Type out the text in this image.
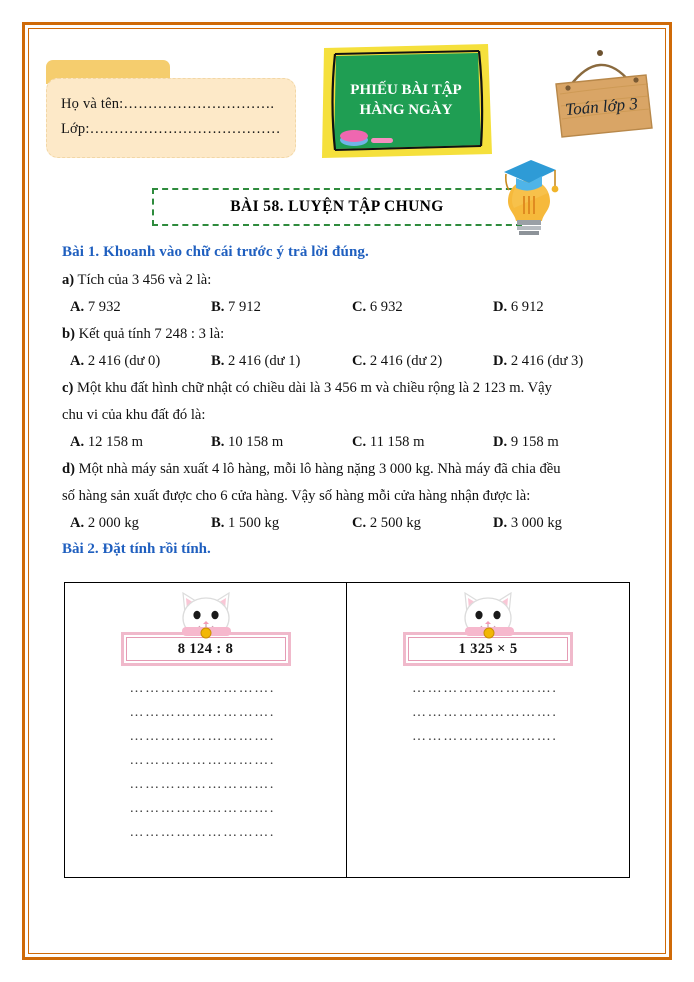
Họ và tên:………………………….
Lớp:…………………………………
PHIẾU BÀI TẬP
HÀNG NGÀY	Toán lớp 3
BÀI 58. LUYỆN TẬP CHUNG
Bài 1. Khoanh vào chữ cái trước ý trả lời đúng.
a) Tích của 3 456 và 2 là:
A. 7 932	B. 7 912	C. 6 932	D. 6 912
b) Kết quả tính 7 248 : 3 là:
A. 2 416 (dư 0)	B. 2 416 (dư 1)	C. 2 416 (dư 2)	D. 2 416 (dư 3)
c) Một khu đất hình chữ nhật có chiều dài là 3 456 m và chiều rộng là 2 123 m. Vậy
chu vi của khu đất đó là:
A. 12 158 m	B. 10 158 m	C. 11 158 m	D. 9 158 m
d) Một nhà máy sản xuất 4 lô hàng, mỗi lô hàng nặng 3 000 kg. Nhà máy đã chia đều
số hàng sản xuất được cho 6 cửa hàng. Vậy số hàng mỗi cửa hàng nhận được là:
A. 2 000 kg	B. 1 500 kg	C. 2 500 kg	D. 3 000 kg
Bài 2. Đặt tính rồi tính.
8 124 : 8
……………………….
……………………….
……………………….
……………………….
……………………….
……………………….
……………………….
1 325 × 5
……………………….
……………………….
……………………….
